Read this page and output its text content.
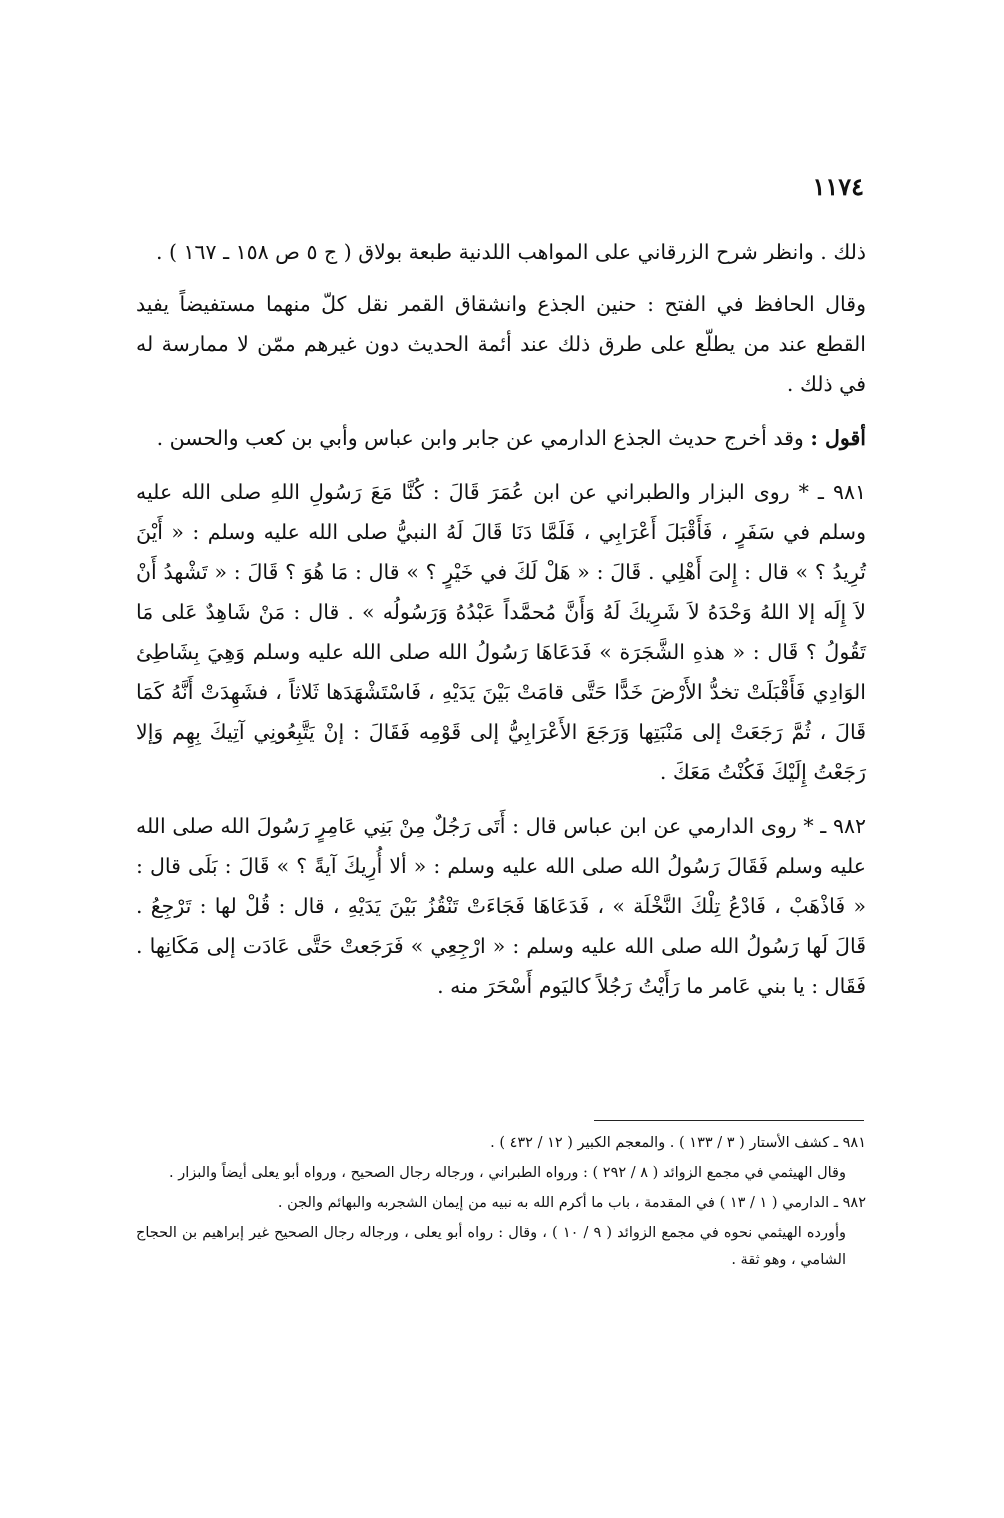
١١٧٤

ذلك . وانظر شرح الزرقاني على المواهب اللدنية طبعة بولاق ( ج ٥ ص ١٥٨ ـ ١٦٧ ) .

وقال الحافظ في الفتح : حنين الجذع وانشقاق القمر نقل كلّ منهما مستفيضاً يفيد القطع عند من يطلّع على طرق ذلك عند أئمة الحديث دون غيرهم ممّن لا ممارسة له في ذلك .

أقول : وقد أخرج حديث الجذع الدارمي عن جابر وابن عباس وأبي بن كعب والحسن .

٩٨١ ـ * روى البزار والطبراني عن ابن عُمَرَ قَالَ : كُنَّا مَعَ رَسُولِ اللهِ صلى الله عليه وسلم في سَفَرٍ ، فَأَقْبَلَ أَعْرَابِي ، فَلَمَّا دَنَا قَالَ لَهُ النبيُّ صلى الله عليه وسلم : « أَيْنَ تُرِيدُ ؟ » قال : إِلىَ أَهْلِي . قَالَ : « هَلْ لَكَ في خَيْرٍ ؟ » قال : مَا هُوَ ؟ قَالَ : « تَشْهدُ أَنْ لاَ إِلَه إلا اللهُ وَحْدَهُ لاَ شَرِيكَ لَهُ وَأَنَّ مُحمَّداً عَبْدُهُ وَرَسُولُه » . قال : مَنْ شَاهِدٌ عَلى مَا تَقُولُ ؟ قَال : « هذهِ الشَّجَرَة » فَدَعَاهَا رَسُولُ الله صلى الله عليه وسلم وَهِيَ بِشَاطِئ الوَادِي فَأَقْبَلَتْ تخدُّ الأَرْضَ خَدًّا حَتَّى قامَتْ بَيْنَ يَدَيْهِ ، فَاسْتَشْهَدَها ثَلاثاً ، فشَهِدَتْ أَنَّهُ كَمَا قَالَ ، ثُمَّ رَجَعَتْ إلى مَنْبَتِها وَرَجَعَ الأَعْرَابِيُّ إلى قَوْمِه فَقَالَ : إنْ يَتَّبِعُونِي آتِيكَ بِهِم وَإلا رَجَعْتُ إِلَيْكَ فَكُنْتُ مَعَكَ .

٩٨٢ ـ * روى الدارمي عن ابن عباس قال : أَتَى رَجُلٌ مِنْ بَنِي عَامِرٍ رَسُولَ الله صلى الله عليه وسلم فَقَالَ رَسُولُ الله صلى الله عليه وسلم : « ألا أُرِيكَ آيةً ؟ » قَالَ : بَلَى قال : « فَاذْهَبْ ، فَادْعُ تِلْكَ النَّخْلَة » ، فَدَعَاهَا فَجَاءَتْ تَنْقُزُ بَيْنَ يَدَيْهِ ، قال : قُلْ لها : تَرْجِعُ . قَالَ لَها رَسُولُ الله صلى الله عليه وسلم : « ارْجِعِي » فَرَجَعتْ حَتَّى عَادَت إلى مَكَانِها . فَقَال : يا بني عَامر ما رَأَيْتُ رَجُلاً كاليَوم أَسْحَرَ منه .

٩٨١ ـ كشف الأستار ( ٣ / ١٣٣ ) . والمعجم الكبير ( ١٢ / ٤٣٢ ) .

وقال الهيثمي في مجمع الزوائد ( ٨ / ٢٩٢ ) : ورواه الطبراني ، ورجاله رجال الصحيح ، ورواه أبو يعلى أيضاً والبزار .

٩٨٢ ـ الدارمي ( ١ / ١٣ ) في المقدمة ، باب ما أكرم الله به نبيه من إيمان الشجربه والبهائم والجن .

وأورده الهيثمي نحوه في مجمع الزوائد ( ٩ / ١٠ ) ، وقال : رواه أبو يعلى ، ورجاله رجال الصحيح غير إبراهيم بن الحجاج الشامي ، وهو ثقة .
